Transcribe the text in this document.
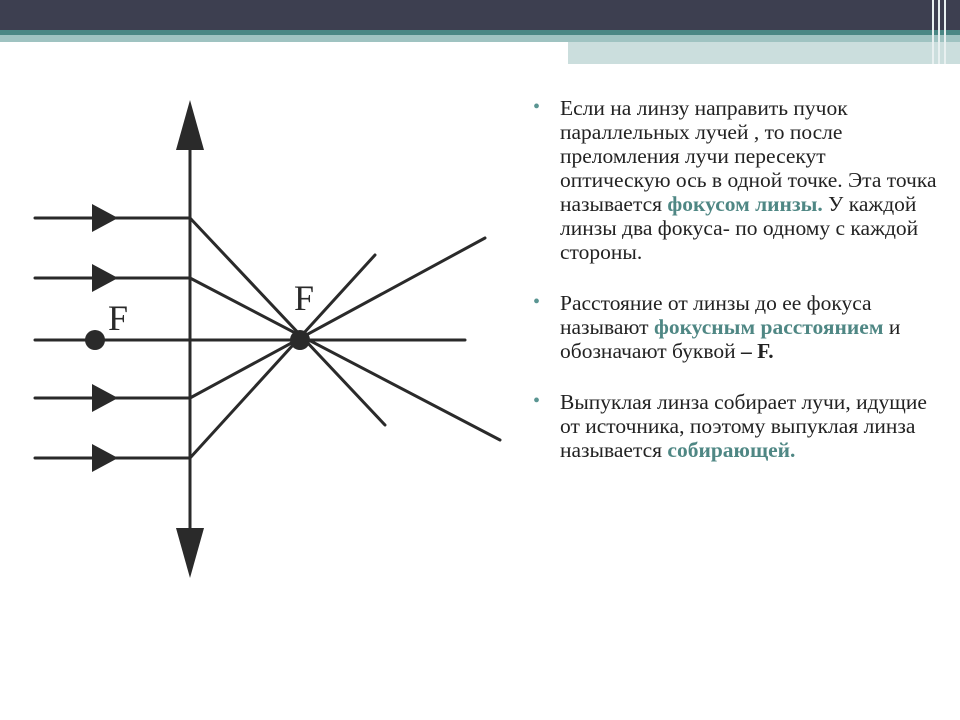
F	F
• Если на линзу направить пучок параллельных лучей , то после преломления лучи пересекут оптическую ось в одной точке. Эта точка называется фокусом линзы. У каждой линзы два фокуса- по одному с каждой стороны.
• Расстояние от линзы до ее фокуса называют фокусным расстоянием и обозначают буквой – F.
• Выпуклая линза собирает лучи, идущие от источника, поэтому выпуклая линза называется собирающей.
